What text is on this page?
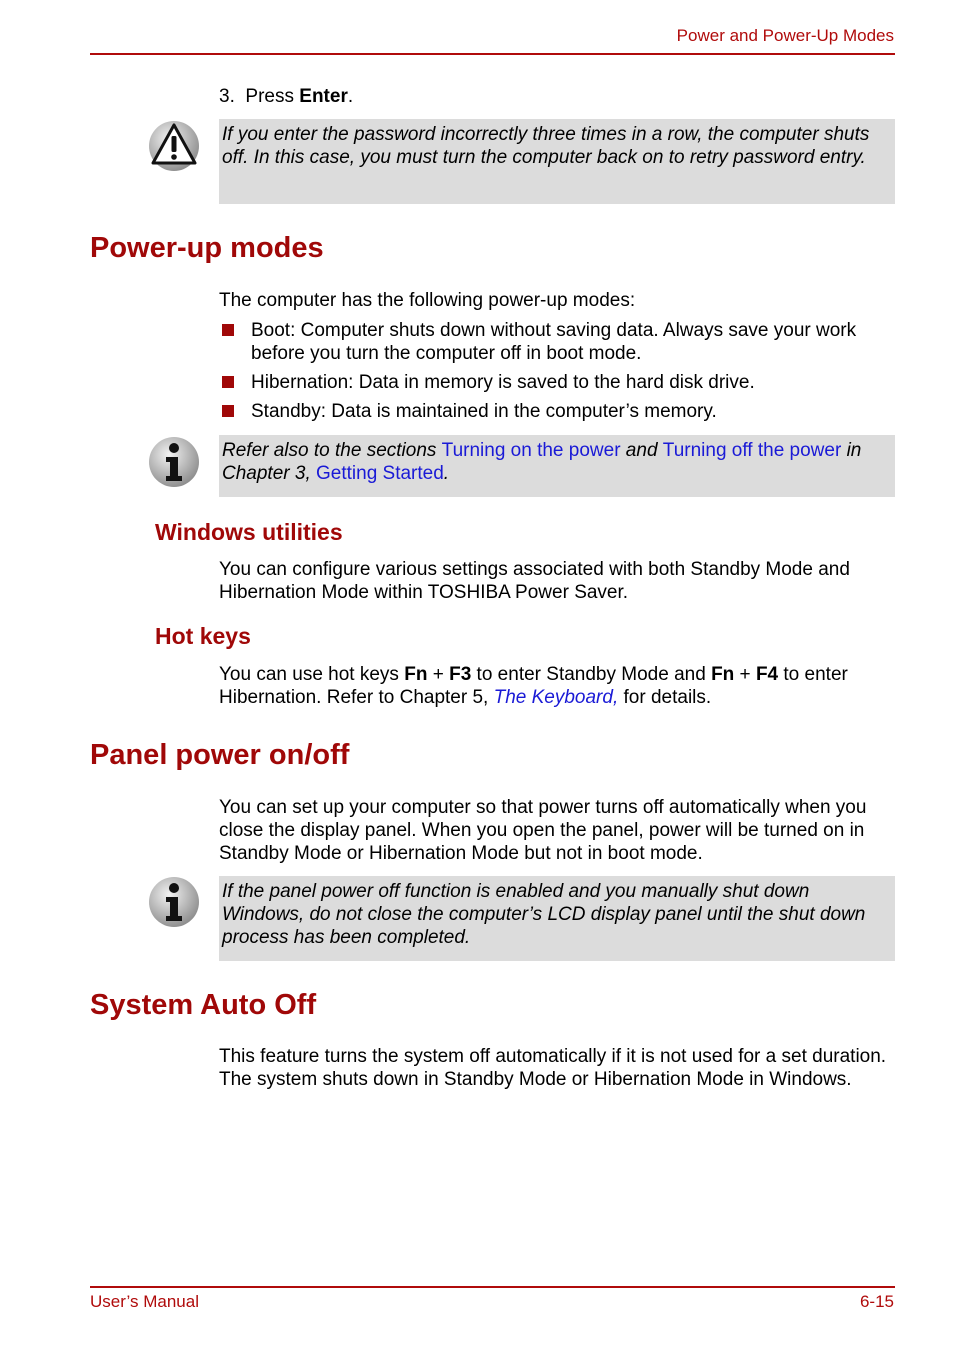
Power and Power-Up Modes
3. Press Enter.
If you enter the password incorrectly three times in a row, the computer shuts off. In this case, you must turn the computer back on to retry password entry.
Power-up modes
The computer has the following power-up modes:
Boot: Computer shuts down without saving data. Always save your work before you turn the computer off in boot mode.
Hibernation: Data in memory is saved to the hard disk drive.
Standby: Data is maintained in the computer’s memory.
Refer also to the sections Turning on the power and Turning off the power in Chapter 3, Getting Started.
Windows utilities
You can configure various settings associated with both Standby Mode and Hibernation Mode within TOSHIBA Power Saver.
Hot keys
You can use hot keys Fn + F3 to enter Standby Mode and Fn + F4 to enter Hibernation. Refer to Chapter 5, The Keyboard, for details.
Panel power on/off
You can set up your computer so that power turns off automatically when you close the display panel. When you open the panel, power will be turned on in Standby Mode or Hibernation Mode but not in boot mode.
If the panel power off function is enabled and you manually shut down Windows, do not close the computer’s LCD display panel until the shut down process has been completed.
System Auto Off
This feature turns the system off automatically if it is not used for a set duration. The system shuts down in Standby Mode or Hibernation Mode in Windows.
User’s Manual	6-15
